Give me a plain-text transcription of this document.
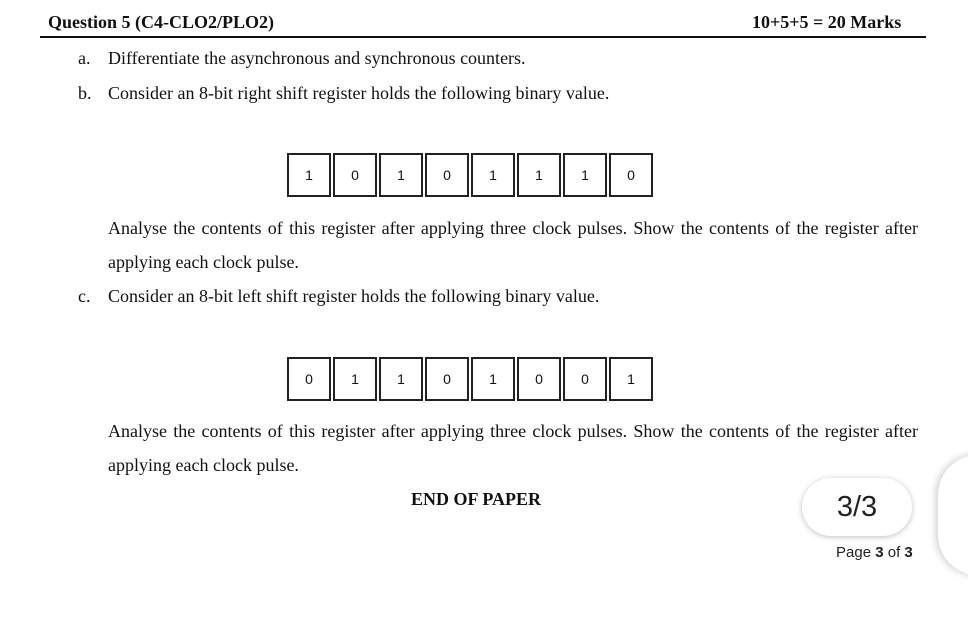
Question 5 (C4-CLO2/PLO2)	10+5+5 = 20 Marks
a. Differentiate the asynchronous and synchronous counters.
b. Consider an 8-bit right shift register holds the following binary value.
1	0	1	0	1	1	1	0
Analyse the contents of this register after applying three clock pulses. Show the contents of the register after applying each clock pulse.
c. Consider an 8-bit left shift register holds the following binary value.
0	1	1	0	1	0	0	1
Analyse the contents of this register after applying three clock pulses. Show the contents of the register after applying each clock pulse.
END OF PAPER	3/3
Page 3 of 3
